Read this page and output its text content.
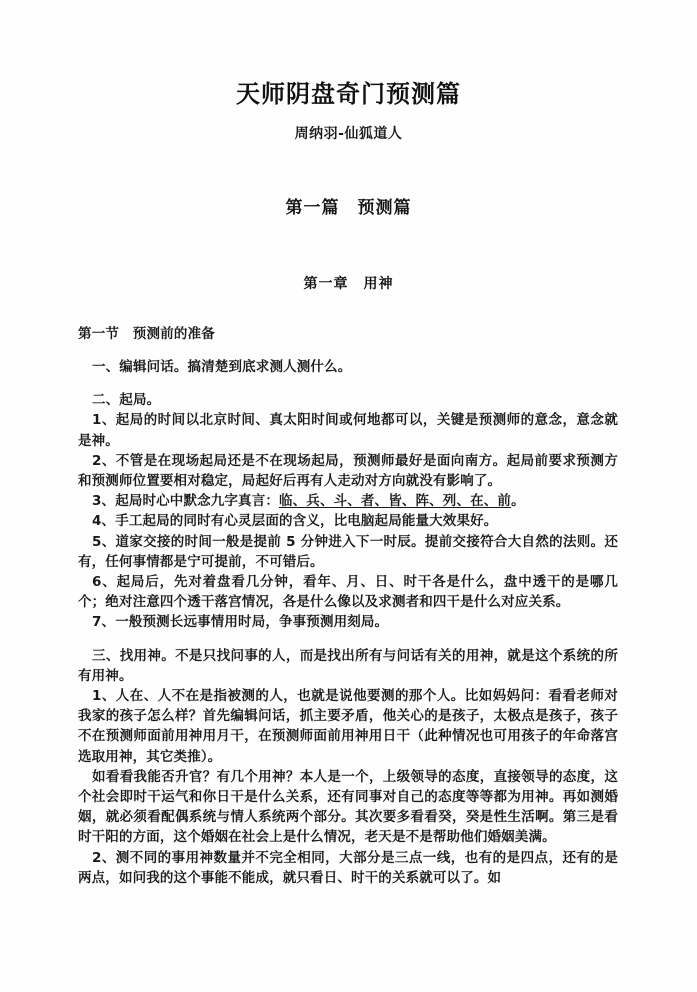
天师阴盘奇门预测篇
周纳羽-仙狐道人
第一篇　预测篇
第一章　用神
第一节　预测前的准备

一、编辑问话。搞清楚到底求测人测什么。

二、起局。

1、起局的时间以北京时间、真太阳时间或何地都可以，关键是预测师的意念，意念就是神。

2、不管是在现场起局还是不在现场起局，预测师最好是面向南方。起局前要求预测方和预测师位置要相对稳定，局起好后再有人走动对方向就没有影响了。

3、起局时心中默念九字真言：临、兵、斗、者、皆、阵、列、在、前。

4、手工起局的同时有心灵层面的含义，比电脑起局能量大效果好。

5、道家交接的时间一般是提前 5 分钟进入下一时辰。提前交接符合大自然的法则。还有，任何事情都是宁可提前，不可错后。

6、起局后，先对着盘看几分钟，看年、月、日、时干各是什么，盘中透干的是哪几个；绝对注意四个透干落宫情况，各是什么像以及求测者和四干是什么对应关系。

7、一般预测长远事情用时局，争事预测用刻局。

三、找用神。不是只找问事的人，而是找出所有与问话有关的用神，就是这个系统的所有用神。

1、人在、人不在是指被测的人，也就是说他要测的那个人。比如妈妈问：看看老师对我家的孩子怎么样？首先编辑问话，抓主要矛盾，他关心的是孩子，太极点是孩子，孩子不在预测师面前用神用月干，在预测师面前用神用日干（此种情况也可用孩子的年命落宫选取用神，其它类推）。

如看看我能否升官？有几个用神？本人是一个，上级领导的态度，直接领导的态度，这个社会即时干运气和你日干是什么关系，还有同事对自己的态度等等都为用神。再如测婚姻，就必须看配偶系统与情人系统两个部分。其次要多看看癸，癸是性生活啊。第三是看时干阳的方面，这个婚姻在社会上是什么情况，老天是不是帮助他们婚姻美满。

2、测不同的事用神数量并不完全相同，大部分是三点一线，也有的是四点，还有的是两点，如问我的这个事能不能成，就只看日、时干的关系就可以了。如
